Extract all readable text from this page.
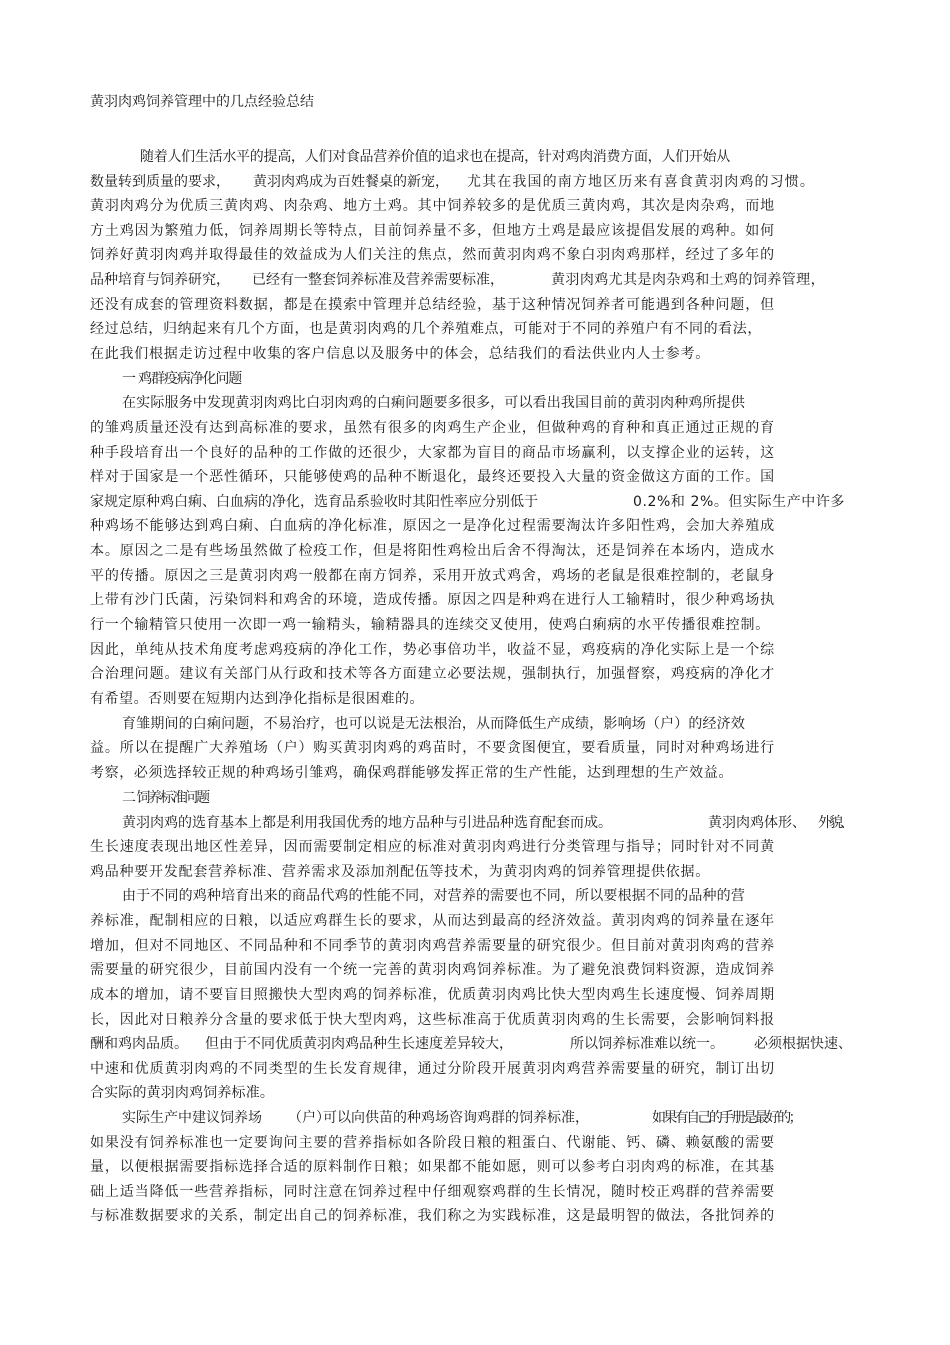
黄羽肉鸡饲养管理中的几点经验总结
随着人们生活水平的提高，人们对食品营养价值的追求也在提高，针对鸡肉消费方面，人们开始从
数量转到质量的要求， 黄羽肉鸡成为百姓餐桌的新宠， 尤其在我国的南方地区历来有喜食黄羽肉鸡的习惯。
黄羽肉鸡分为优质三黄肉鸡、肉杂鸡、地方土鸡。其中饲养较多的是优质三黄肉鸡，其次是肉杂鸡，而地
方土鸡因为繁殖力低，饲养周期长等特点，目前饲养量不多，但地方土鸡是最应该提倡发展的鸡种。如何
饲养好黄羽肉鸡并取得最佳的效益成为人们关注的焦点，然而黄羽肉鸡不象白羽肉鸡那样，经过了多年的
品种培育与饲养研究， 已经有一整套饲养标准及营养需要标准，	黄羽肉鸡尤其是肉杂鸡和土鸡的饲养管理，
还没有成套的管理资料数据，都是在摸索中管理并总结经验，基于这种情况饲养者可能遇到各种问题，但
经过总结，归纳起来有几个方面，也是黄羽肉鸡的几个养殖难点，可能对于不同的养殖户有不同的看法，
在此我们根据走访过程中收集的客户信息以及服务中的体会，总结我们的看法供业内人士参考。
一 鸡群疫病净化问题
在实际服务中发现黄羽肉鸡比白羽肉鸡的白痢问题要多很多，可以看出我国目前的黄羽肉种鸡所提供
的雏鸡质量还没有达到高标准的要求，虽然有很多的肉鸡生产企业，但做种鸡的育种和真正通过正规的育
种手段培育出一个良好的品种的工作做的还很少，大家都为盲目的商品市场赢利，以支撑企业的运转，这
样对于国家是一个恶性循环，只能够使鸡的品种不断退化，最终还要投入大量的资金做这方面的工作。国
家规定原种鸡白痢、白血病的净化，选育品系验收时其阳性率应分别低于	0.2%和 2%。但实际生产中许多
种鸡场不能够达到鸡白痢、白血病的净化标准，原因之一是净化过程需要淘汰许多阳性鸡，会加大养殖成
本。原因之二是有些场虽然做了检疫工作，但是将阳性鸡检出后舍不得淘汰，还是饲养在本场内，造成水
平的传播。原因之三是黄羽肉鸡一般都在南方饲养，采用开放式鸡舍，鸡场的老鼠是很难控制的，老鼠身
上带有沙门氏菌，污染饲料和鸡舍的环境，造成传播。原因之四是种鸡在进行人工输精时，很少种鸡场执
行一个输精管只使用一次即一鸡一输精头，输精器具的连续交叉使用，使鸡白痢病的水平传播很难控制。
因此，单纯从技术角度考虑鸡疫病的净化工作，势必事倍功半，收益不显，鸡疫病的净化实际上是一个综
合治理问题。建议有关部门从行政和技术等各方面建立必要法规，强制执行，加强督察，鸡疫病的净化才
有希望。否则要在短期内达到净化指标是很困难的。
育雏期间的白痢问题，不易治疗，也可以说是无法根治，从而降低生产成绩，影响场（户）的经济效
益。所以在提醒广大养殖场（户）购买黄羽肉鸡的鸡苗时，不要贪图便宜，要看质量，同时对种鸡场进行
考察，必须选择较正规的种鸡场引雏鸡，确保鸡群能够发挥正常的生产性能，达到理想的生产效益。
二 饲养标准问题
黄羽肉鸡的选育基本上都是利用我国优秀的地方品种与引进品种选育配套而成。	黄羽肉鸡体形、 外貌、
生长速度表现出地区性差异，因而需要制定相应的标准对黄羽肉鸡进行分类管理与指导；同时针对不同黄
鸡品种要开发配套营养标准、营养需求及添加剂配伍等技术，为黄羽肉鸡的饲养管理提供依据。
由于不同的鸡种培育出来的商品代鸡的性能不同，对营养的需要也不同，所以要根据不同的品种的营
养标准，配制相应的日粮，以适应鸡群生长的要求，从而达到最高的经济效益。黄羽肉鸡的饲养量在逐年
增加，但对不同地区、不同品种和不同季节的黄羽肉鸡营养需要量的研究很少。但目前对黄羽肉鸡的营养
需要量的研究很少，目前国内没有一个统一完善的黄羽肉鸡饲养标准。为了避免浪费饲料资源，造成饲养
成本的增加，请不要盲目照搬快大型肉鸡的饲养标准，优质黄羽肉鸡比快大型肉鸡生长速度慢、饲养周期
长，因此对日粮养分含量的要求低于快大型肉鸡，这些标准高于优质黄羽肉鸡的生长需要，会影响饲料报
酬和鸡肉品质。 但由于不同优质黄羽肉鸡品种生长速度差异较大，	所以饲养标准难以统一。 必须根据快速、
中速和优质黄羽肉鸡的不同类型的生长发育规律，通过分阶段开展黄羽肉鸡营养需要量的研究，制订出切
合实际的黄羽肉鸡饲养标准。
实际生产中建议饲养场 （户）
可以向供苗的种鸡场咨询鸡群的饲养标准，	如果有自己的手册是最好的；
如果没有饲养标准也一定要询问主要的营养指标如各阶段日粮的粗蛋白、代谢能、钙、磷、赖氨酸的需要
量，以便根据需要指标选择合适的原料制作日粮；如果都不能如愿，则可以参考白羽肉鸡的标准，在其基
础上适当降低一些营养指标，同时注意在饲养过程中仔细观察鸡群的生长情况，随时校正鸡群的营养需要
与标准数据要求的关系，制定出自己的饲养标准，我们称之为实践标准，这是最明智的做法，各批饲养的
